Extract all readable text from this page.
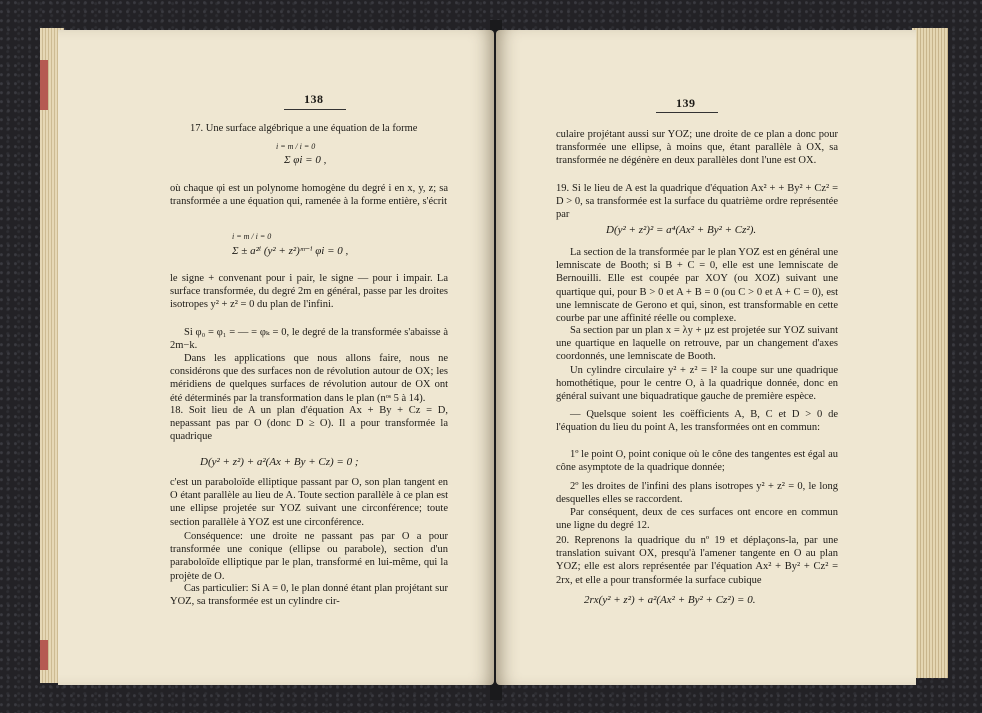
138

17. Une surface algébrique a une équation de la forme

i = m / i = 0
Σ φi = 0 ,

où chaque φi est un polynome homogène du degré i en x, y, z; sa transformée a une équation qui, ramenée à la forme entière, s'écrit

i = m / i = 0
Σ ± a²ⁱ (y² + z²)ᵐ⁻ⁱ φi = 0 ,

le signe + convenant pour i pair, le signe — pour i impair. La surface transformée, du degré 2m en général, passe par les droites isotropes y² + z² = 0 du plan de l'infini.

Si φ₀ = φ₁ = — = φₖ = 0, le degré de la transformée s'abaisse à 2m−k.

Dans les applications que nous allons faire, nous ne considérons que des surfaces non de révolution autour de OX; les méridiens de quelques surfaces de révolution autour de OX ont été déterminés par la transformation dans le plan (nᵒˢ 5 à 14).

18. Soit lieu de A un plan d'équation Ax + By + Cz = D, nepassant pas par O (donc D ≥ O). Il a pour transformée la quadrique

D(y² + z²) + a²(Ax + By + Cz) = 0 ;

c'est un paraboloïde elliptique passant par O, son plan tangent en O étant parallèle au lieu de A. Toute section parallèle à ce plan est une ellipse projetée sur YOZ suivant une circonférence; toute section parallèle à YOZ est une circonférence.

Conséquence: une droite ne passant pas par O a pour transformée une conique (ellipse ou parabole), section d'un paraboloïde elliptique par le plan, transformé en lui-même, qui la projète de O.

Cas particulier: Si A = 0, le plan donné étant plan projétant sur YOZ, sa transformée est un cylindre cir-

139

culaire projétant aussi sur YOZ; une droite de ce plan a donc pour transformée une ellipse, à moins que, étant parallèle à OX, sa transformée ne dégénère en deux parallèles dont l'une est OX.

19. Si le lieu de A est la quadrique d'équation Ax² + + By² + Cz² = D > 0, sa transformée est la surface du quatrième ordre représentée par

D(y² + z²)² = a⁴(Ax² + By² + Cz²).

La section de la transformée par le plan YOZ est en général une lemniscate de Booth; si B + C = 0, elle est une lemniscate de Bernouilli. Elle est coupée par XOY (ou XOZ) suivant une quartique qui, pour B > 0 et A + B = 0 (ou C > 0 et A + C = 0), est une lemniscate de Gerono et qui, sinon, est transformable en cette courbe par une affinité réelle ou complexe.

Sa section par un plan x = λy + μz est projetée sur YOZ suivant une quartique en laquelle on retrouve, par un changement d'axes coordonnés, une lemniscate de Booth.

Un cylindre circulaire y² + z² = l² la coupe sur une quadrique homothétique, pour le centre O, à la quadrique donnée, donc en général suivant une biquadratique gauche de première espèce.

— Quelsque soient les coëfficients A, B, C et D > 0 de l'équation du lieu du point A, les transformées ont en commun:

1º le point O, point conique où le cône des tangentes est égal au cône asymptote de la quadrique donnée;

2º les droites de l'infini des plans isotropes y² + z² = 0, le long desquelles elles se raccordent.

Par conséquent, deux de ces surfaces ont encore en commun une ligne du degré 12.

20. Reprenons la quadrique du nº 19 et déplaçons-la, par une translation suivant OX, presqu'à l'amener tangente en O au plan YOZ; elle est alors représentée par l'équation Ax² + By² + Cz² = 2rx, et elle a pour transformée la surface cubique

2rx(y² + z²) + a²(Ax² + By² + Cz²) = 0.
